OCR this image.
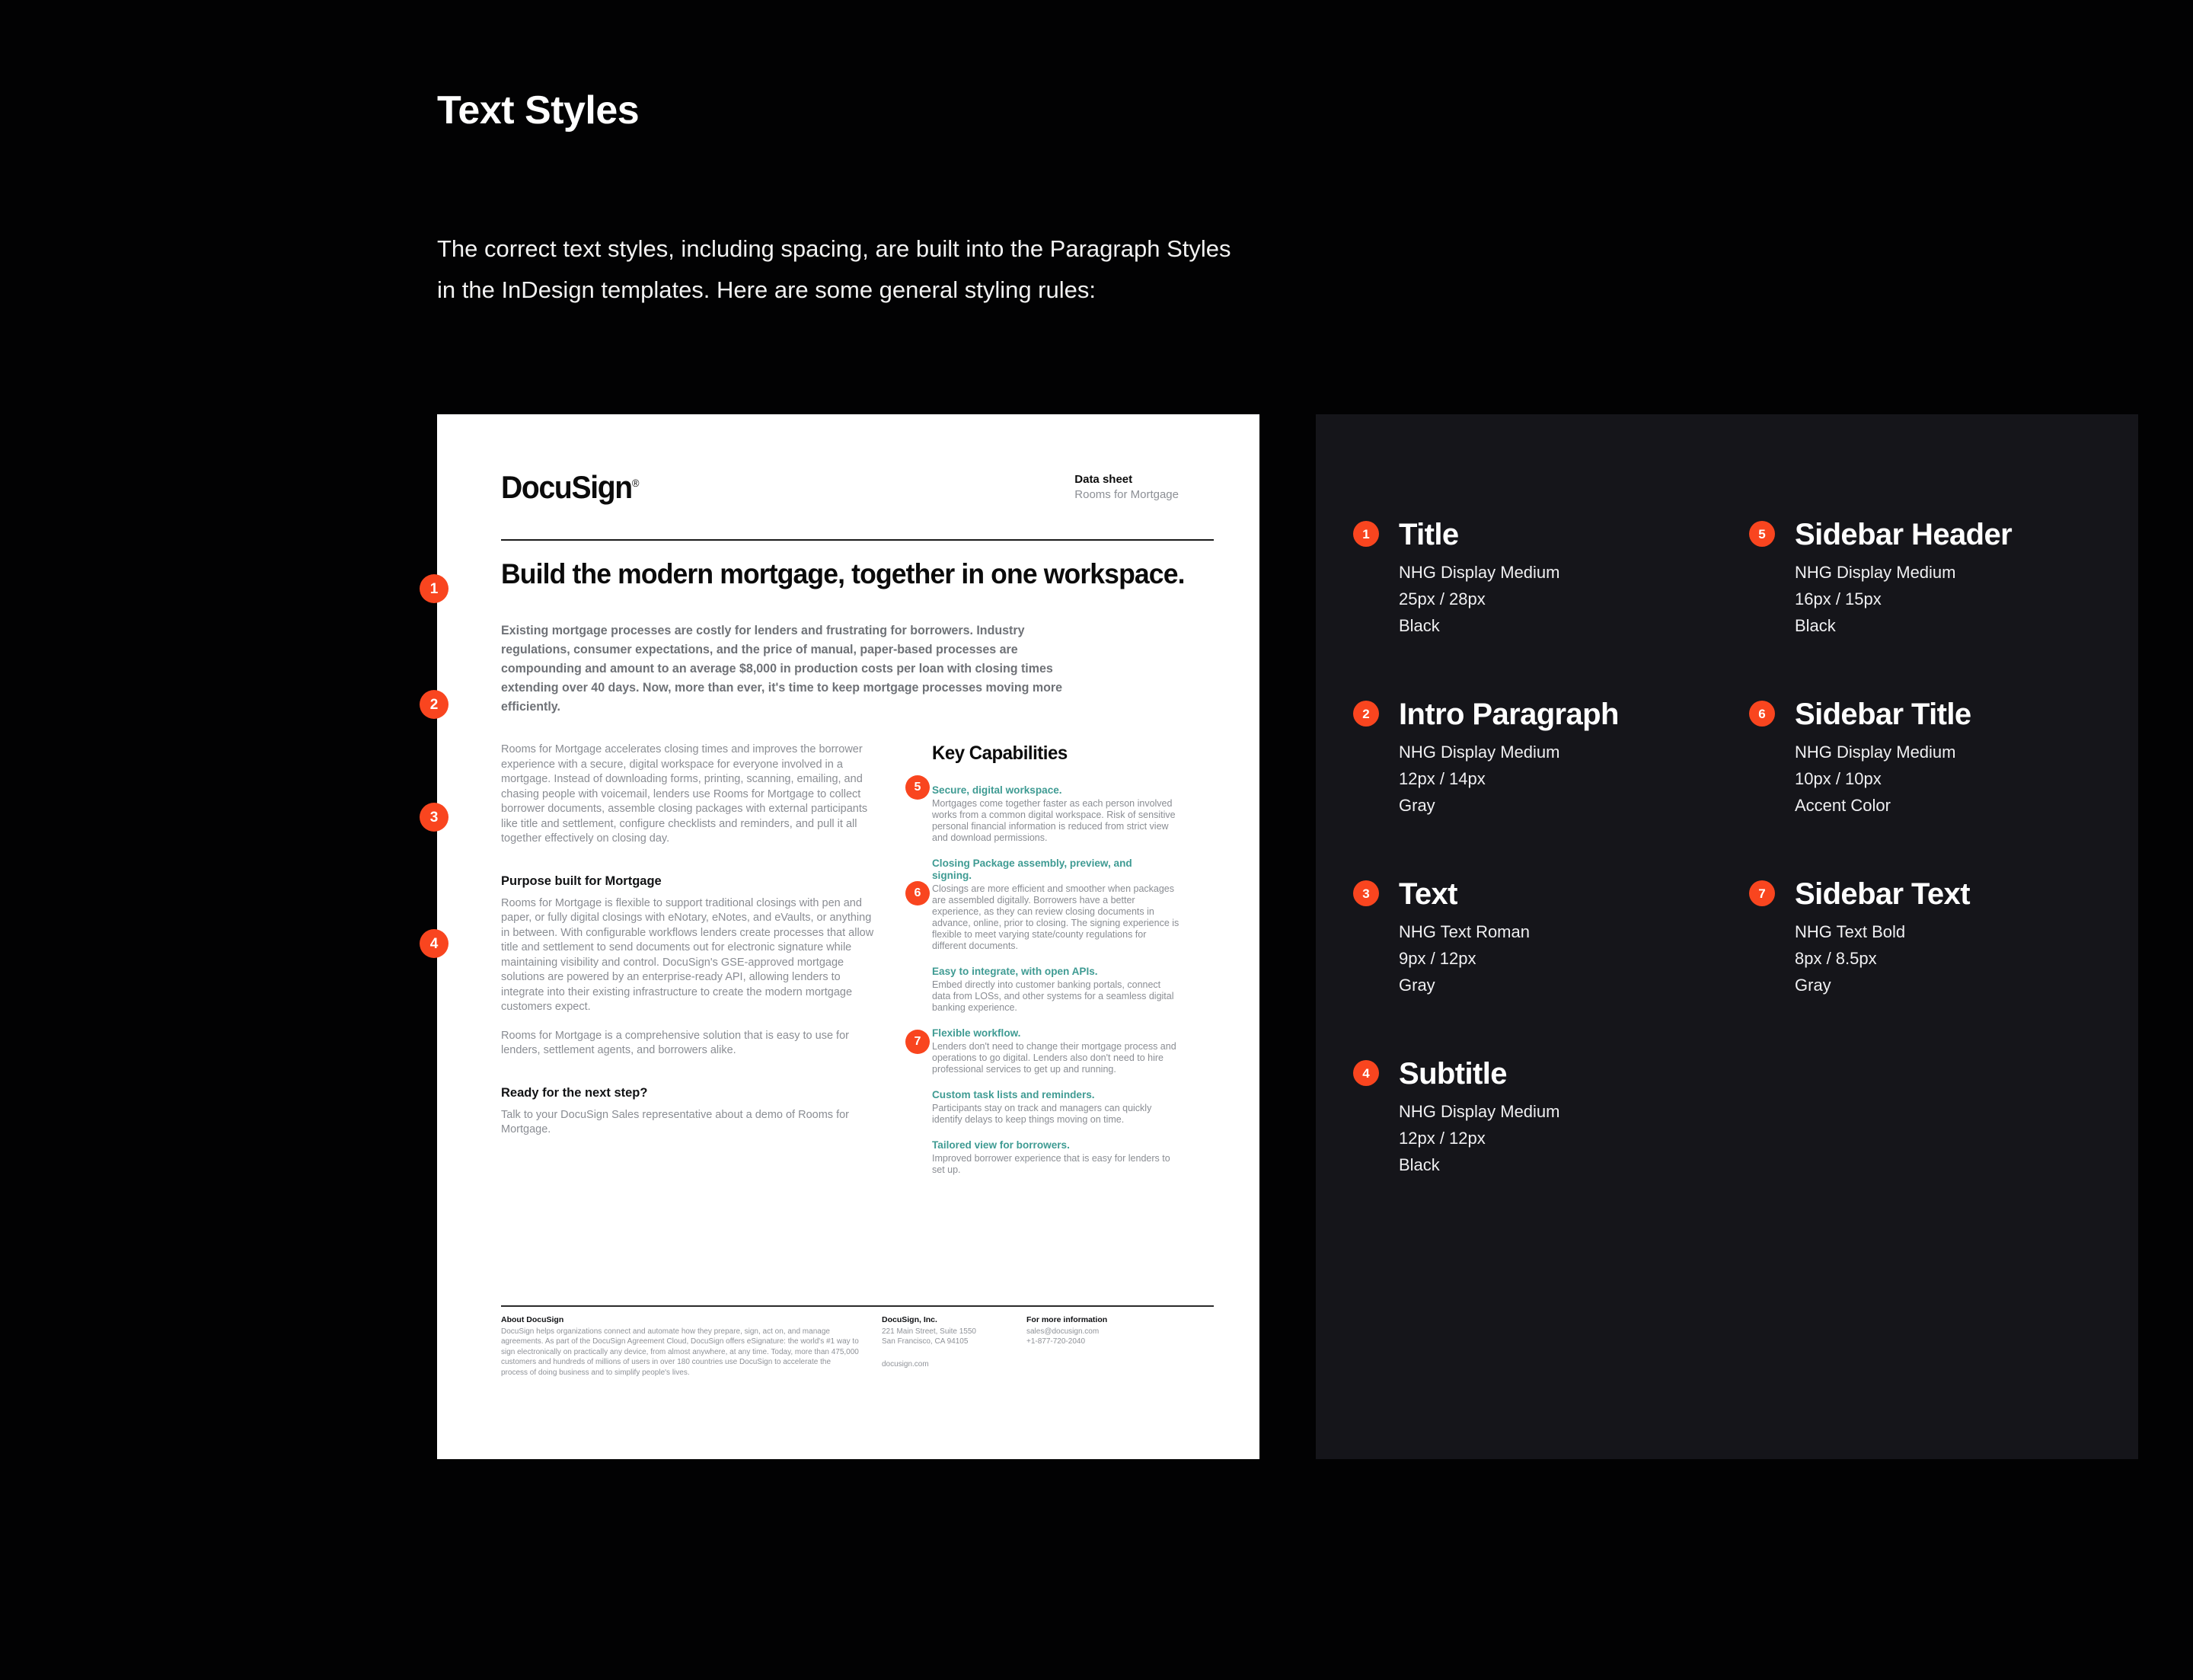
Text Styles
The correct text styles, including spacing, are built into the Paragraph Styles in the InDesign templates. Here are some general styling rules:
DocuSign®	Data sheet
Rooms for Mortgage
Build the modern mortgage, together in one workspace.
Existing mortgage processes are costly for lenders and frustrating for borrowers. Industry regulations, consumer expectations, and the price of manual, paper-based processes are compounding and amount to an average $8,000 in production costs per loan with closing times extending over 40 days. Now, more than ever, it's time to keep mortgage processes moving more efficiently.
Rooms for Mortgage accelerates closing times and improves the borrower experience with a secure, digital workspace for everyone involved in a mortgage. Instead of downloading forms, printing, scanning, emailing, and chasing people with voicemail, lenders use Rooms for Mortgage to collect borrower documents, assemble closing packages with external participants like title and settlement, configure checklists and reminders, and pull it all together effectively on closing day.
Purpose built for Mortgage
Rooms for Mortgage is flexible to support traditional closings with pen and paper, or fully digital closings with eNotary, eNotes, and eVaults, or anything in between. With configurable workflows lenders create processes that allow title and settlement to send documents out for electronic signature while maintaining visibility and control. DocuSign's GSE-approved mortgage solutions are powered by an enterprise-ready API, allowing lenders to integrate into their existing infrastructure to create the modern mortgage customers expect.
Rooms for Mortgage is a comprehensive solution that is easy to use for lenders, settlement agents, and borrowers alike.
Ready for the next step?
Talk to your DocuSign Sales representative about a demo of Rooms for Mortgage.
Key Capabilities
Secure, digital workspace.
Mortgages come together faster as each person involved works from a common digital workspace. Risk of sensitive personal financial information is reduced from strict view and download permissions.
Closing Package assembly, preview, and signing.
Closings are more efficient and smoother when packages are assembled digitally. Borrowers have a better experience, as they can review closing documents in advance, online, prior to closing. The signing experience is flexible to meet varying state/county regulations for different documents.
Easy to integrate, with open APIs.
Embed directly into customer banking portals, connect data from LOSs, and other systems for a seamless digital banking experience.
Flexible workflow.
Lenders don't need to change their mortgage process and operations to go digital. Lenders also don't need to hire professional services to get up and running.
Custom task lists and reminders.
Participants stay on track and managers can quickly identify delays to keep things moving on time.
Tailored view for borrowers.
Improved borrower experience that is easy for lenders to set up.
About DocuSign
DocuSign helps organizations connect and automate how they prepare, sign, act on, and manage agreements. As part of the DocuSign Agreement Cloud, DocuSign offers eSignature: the world's #1 way to sign electronically on practically any device, from almost anywhere, at any time. Today, more than 475,000 customers and hundreds of millions of users in over 180 countries use DocuSign to accelerate the process of doing business and to simplify people's lives.
DocuSign, Inc.
221 Main Street, Suite 1550
San Francisco, CA 94105
docusign.com
For more information
sales@docusign.com
+1-877-720-2040
1
2
3
4
5
6
7
1 Title
NHG Display Medium
25px / 28px
Black
5 Sidebar Header
NHG Display Medium
16px / 15px
Black
2 Intro Paragraph
NHG Display Medium
12px / 14px
Gray
6 Sidebar Title
NHG Display Medium
10px / 10px
Accent Color
3 Text
NHG Text Roman
9px / 12px
Gray
7 Sidebar Text
NHG Text Bold
8px / 8.5px
Gray
4 Subtitle
NHG Display Medium
12px / 12px
Black
